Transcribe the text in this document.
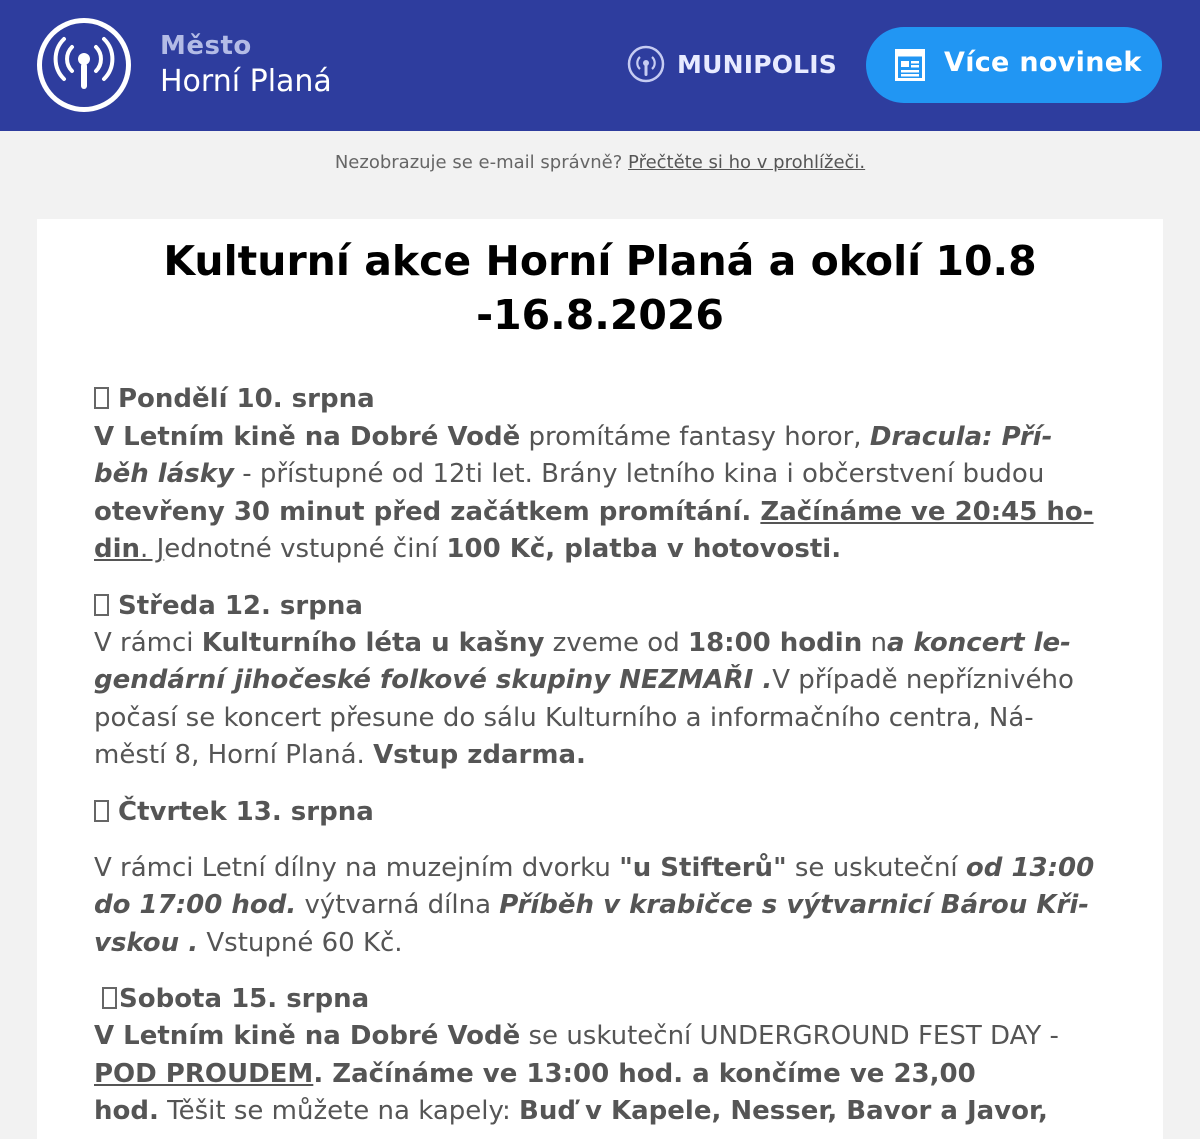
Město
Horní Planá	MUNIPOLIS	Více novinek
Nezobrazuje se e-mail správně? Přečtěte si ho v prohlížeči.
Kulturní akce Horní Planá a okolí 10.8
-16.8.2026
Pondělí 10. srpna
V Letním kině na Dobré Vodě promítáme fantasy horor, Dracula: Pří-
běh lásky - přístupné od 12ti let. Brány letního kina i občerstvení budou
otevřeny 30 minut před začátkem promítání. Začínáme ve 20:45 ho-
din. Jednotné vstupné činí 100 Kč, platba v hotovosti.
Středa 12. srpna
V rámci Kulturního léta u kašny zveme od 18:00 hodin na koncert le-
gendární jihočeské folkové skupiny NEZMAŘI .V případě nepříznivého
počasí se koncert přesune do sálu Kulturního a informačního centra, Ná-
městí 8, Horní Planá. Vstup zdarma.
Čtvrtek 13. srpna
V rámci Letní dílny na muzejním dvorku "u Stifterů" se uskuteční od 13:00
do 17:00 hod. výtvarná dílna Příběh v krabičce s výtvarnicí Bárou Kři-
vskou . Vstupné 60 Kč.
Sobota 15. srpna
V Letním kině na Dobré Vodě se uskuteční UNDERGROUND FEST DAY -
POD PROUDEM. Začínáme ve 13:00 hod. a končíme ve 23,00
hod. Těšit se můžete na kapely: Buď v Kapele, Nesser, Bavor a Javor,
